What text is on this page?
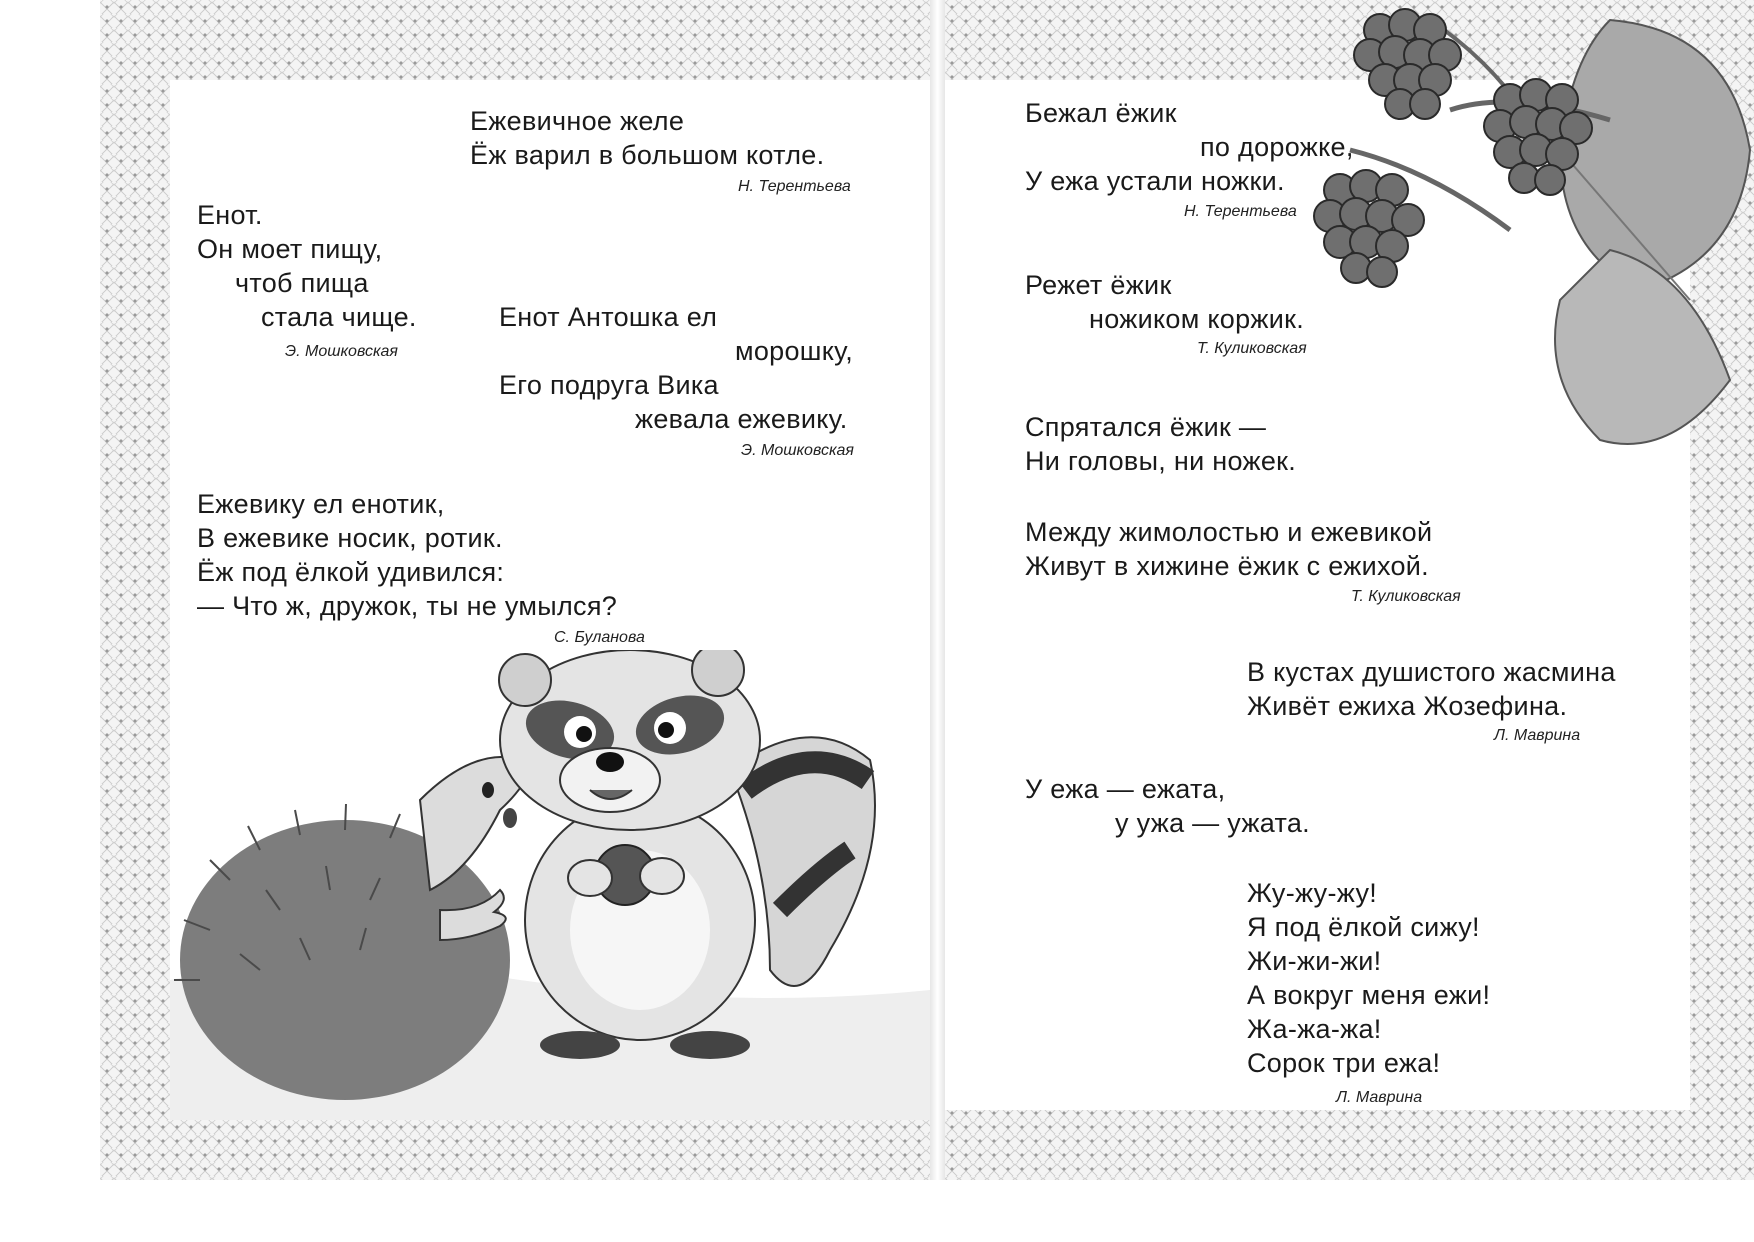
Ежевичное желе
Ёж варил в большом котле.
Н. Терентьева
Енот.
Он моет пищу,
чтоб пища
стала чище.
Э. Мошковская
Енот Антошка ел
морошку,
Его подруга Вика
жевала ежевику.
Э. Мошковская
Ежевику ел енотик,
В ежевике носик, ротик.
Ёж под ёлкой удивился:
— Что ж, дружок, ты не умылся?
С. Буланова
Бежал ёжик
по дорожке,
У ежа устали ножки.
Н. Терентьева
Режет ёжик
ножиком коржик.
Т. Куликовская
Спрятался ёжик —
Ни головы, ни ножек.
Между жимолостью и ежевикой
Живут в хижине ёжик с ежихой.
Т. Куликовская
В кустах душистого жасмина
Живёт ежиха Жозефина.
Л. Маврина
У ежа — ежата,
у ужа — ужата.
Жу-жу-жу!
Я под ёлкой сижу!
Жи-жи-жи!
А вокруг меня ежи!
Жа-жа-жа!
Сорок три ежа!
Л. Маврина
